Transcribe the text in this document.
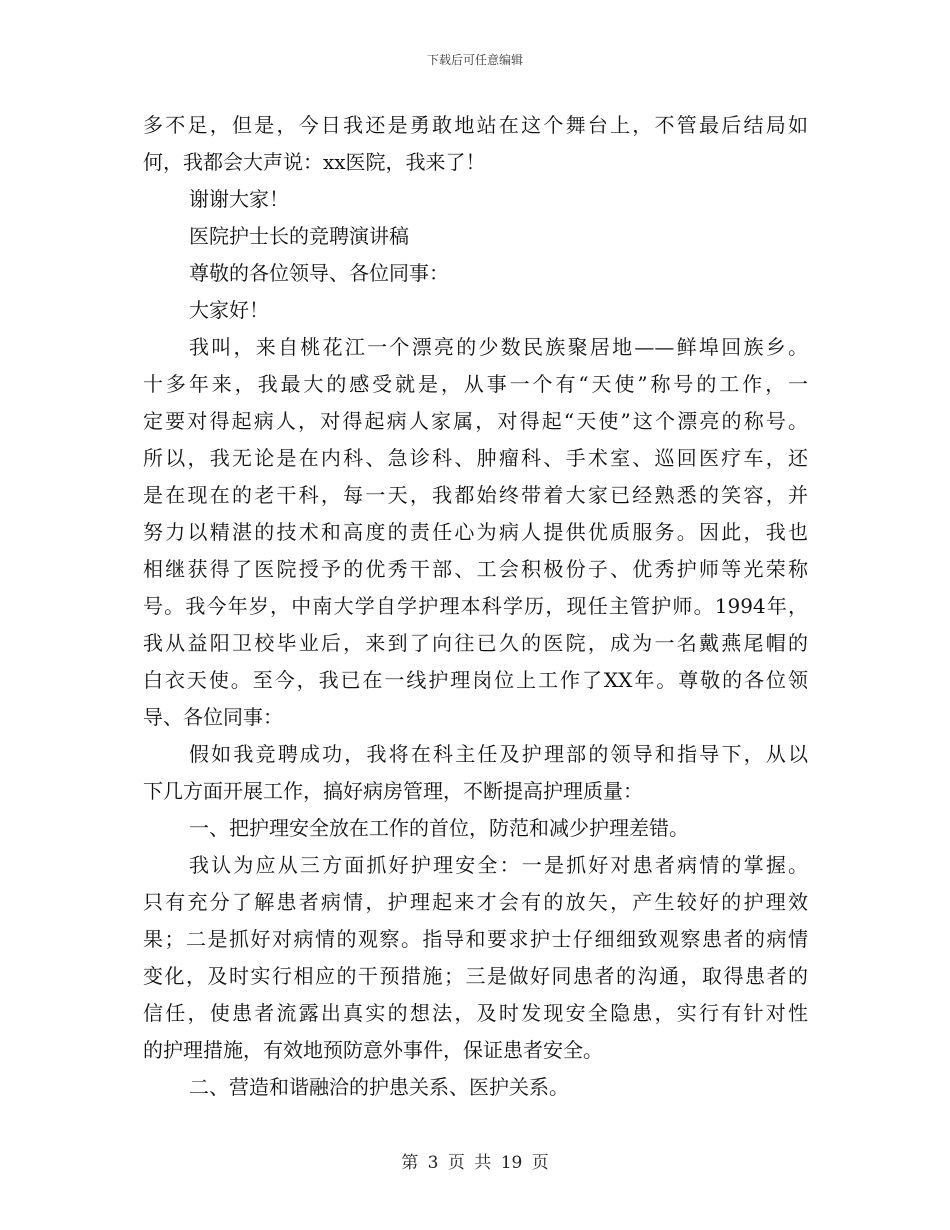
下载后可任意编辑
多不足，但是，今日我还是勇敢地站在这个舞台上，不管最后结局如
何，我都会大声说：xx医院，我来了！
谢谢大家！
医院护士长的竞聘演讲稿
尊敬的各位领导、各位同事：
大家好！
我叫，来自桃花江一个漂亮的少数民族聚居地——鲜埠回族乡。
十多年来，我最大的感受就是，从事一个有“天使”称号的工作，一
定要对得起病人，对得起病人家属，对得起“天使”这个漂亮的称号。
所以，我无论是在内科、急诊科、肿瘤科、手术室、巡回医疗车，还
是在现在的老干科，每一天，我都始终带着大家已经熟悉的笑容，并
努力以精湛的技术和高度的责任心为病人提供优质服务。因此，我也
相继获得了医院授予的优秀干部、工会积极份子、优秀护师等光荣称
号。我今年岁，中南大学自学护理本科学历，现任主管护师。1994年，
我从益阳卫校毕业后，来到了向往已久的医院，成为一名戴燕尾帽的
白衣天使。至今，我已在一线护理岗位上工作了XX年。尊敬的各位领
导、各位同事：
假如我竞聘成功，我将在科主任及护理部的领导和指导下，从以
下几方面开展工作，搞好病房管理，不断提高护理质量：
一、把护理安全放在工作的首位，防范和减少护理差错。
我认为应从三方面抓好护理安全：一是抓好对患者病情的掌握。
只有充分了解患者病情，护理起来才会有的放矢，产生较好的护理效
果；二是抓好对病情的观察。指导和要求护士仔细细致观察患者的病情
变化，及时实行相应的干预措施；三是做好同患者的沟通，取得患者的
信任，使患者流露出真实的想法，及时发现安全隐患，实行有针对性
的护理措施，有效地预防意外事件，保证患者安全。
二、营造和谐融洽的护患关系、医护关系。
第 3 页 共 19 页
